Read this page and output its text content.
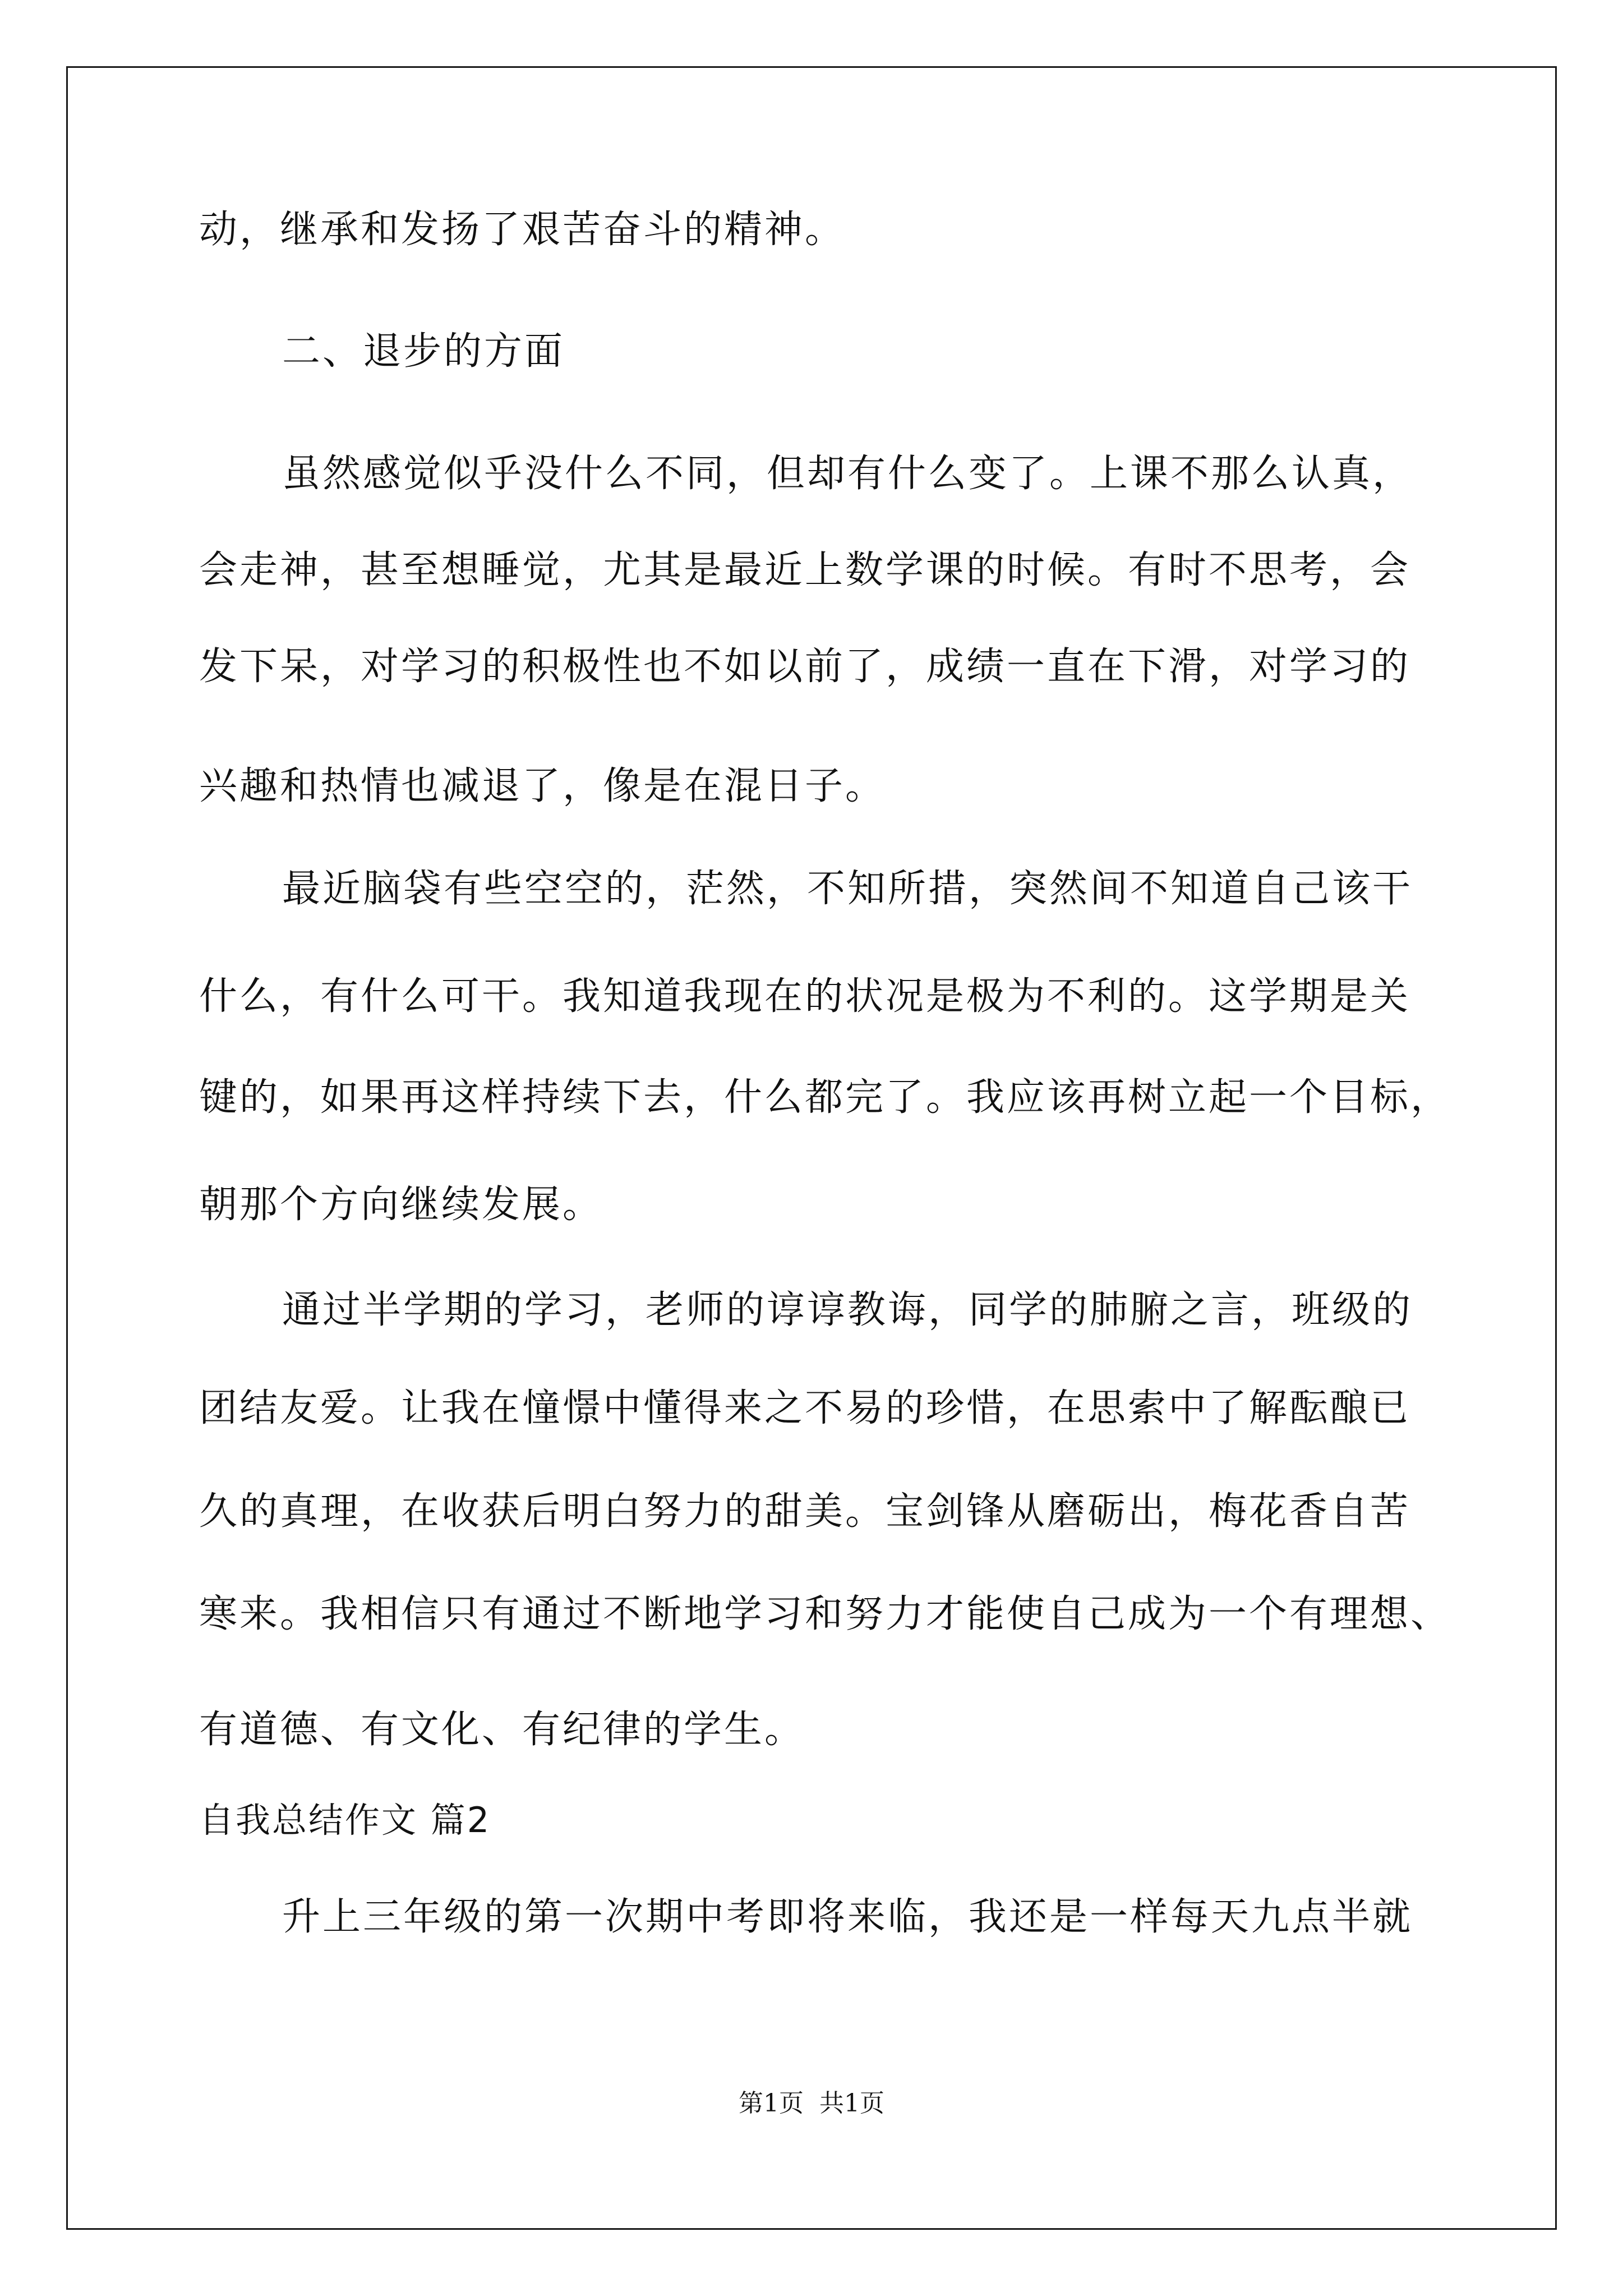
动，继承和发扬了艰苦奋斗的精神。
二、退步的方面
虽然感觉似乎没什么不同，但却有什么变了。上课不那么认真，
会走神，甚至想睡觉，尤其是最近上数学课的时候。有时不思考，会
发下呆，对学习的积极性也不如以前了，成绩一直在下滑，对学习的
兴趣和热情也减退了，像是在混日子。
最近脑袋有些空空的，茫然，不知所措，突然间不知道自己该干
什么，有什么可干。我知道我现在的状况是极为不利的。这学期是关
键的，如果再这样持续下去，什么都完了。我应该再树立起一个目标，
朝那个方向继续发展。
通过半学期的学习，老师的谆谆教诲，同学的肺腑之言，班级的
团结友爱。让我在憧憬中懂得来之不易的珍惜，在思索中了解酝酿已
久的真理，在收获后明白努力的甜美。宝剑锋从磨砺出，梅花香自苦
寒来。我相信只有通过不断地学习和努力才能使自己成为一个有理想、
有道德、有文化、有纪律的学生。
自我总结作文 篇2
升上三年级的第一次期中考即将来临，我还是一样每天九点半就
第1页  共1页
